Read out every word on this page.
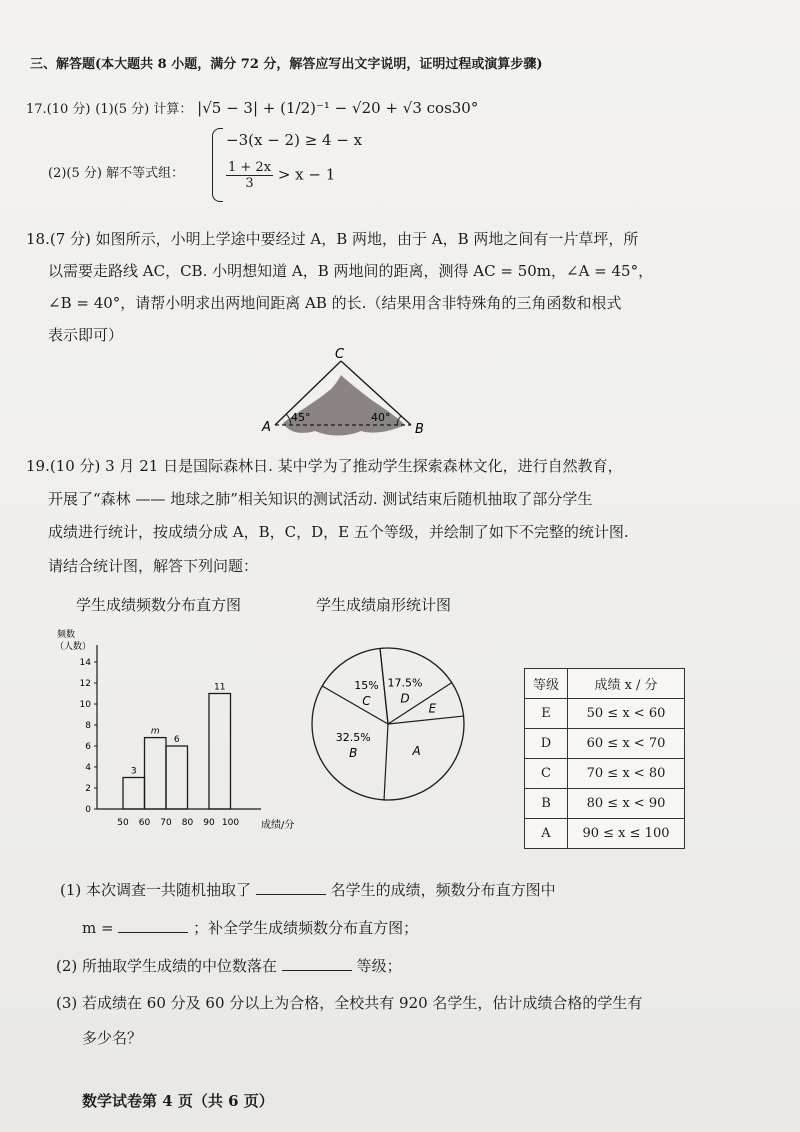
三、解答题(本大题共 8 小题，满分 72 分，解答应写出文字说明，证明过程或演算步骤)
17.(10 分) (1)(5 分) 计算： |√5 − 3| + (1/2)⁻¹ − √20 + √3 cos30°
(2)(5 分) 解不等式组：
−3(x − 2) ≥ 4 − x
$\frac{1 + 2x}{3} > x - 1$
18.(7 分) 如图所示，小明上学途中要经过 A，B 两地，由于 A，B 两地之间有一片草坪，所
以需要走路线 AC，CB. 小明想知道 A，B 两地间的距离，测得 AC = 50m，∠A = 45°，
∠B = 40°，请帮小明求出两地间距离 AB 的长.（结果用含非特殊角的三角函数和根式
表示即可）
C
A	B
45°	40°
19.(10 分) 3 月 21 日是国际森林日. 某中学为了推动学生探索森林文化，进行自然教育，
开展了“森林 —— 地球之肺”相关知识的测试活动. 测试结束后随机抽取了部分学生
成绩进行统计，按成绩分成 A，B，C，D，E 五个等级，并绘制了如下不完整的统计图.
请结合统计图，解答下列问题：
学生成绩频数分布直方图	学生成绩扇形统计图
0
2
4
6
8
10
12
14
50 60 70 80 90 100
3
m
6
11
频数
（人数）
成绩/分
D
17.5%
E
A
B
32.5%
C
15%	等级	成绩 x / 分
E	50 ≤ x < 60
D	60 ≤ x < 70
C	70 ≤ x < 80
B	80 ≤ x < 90
A	90 ≤ x ≤ 100
(1) 本次调查一共随机抽取了	名学生的成绩，频数分布直方图中
m =	；补全学生成绩频数分布直方图；
(2) 所抽取学生成绩的中位数落在	等级；
(3) 若成绩在 60 分及 60 分以上为合格，全校共有 920 名学生，估计成绩合格的学生有
多少名？
数学试卷第 4 页（共 6 页）
